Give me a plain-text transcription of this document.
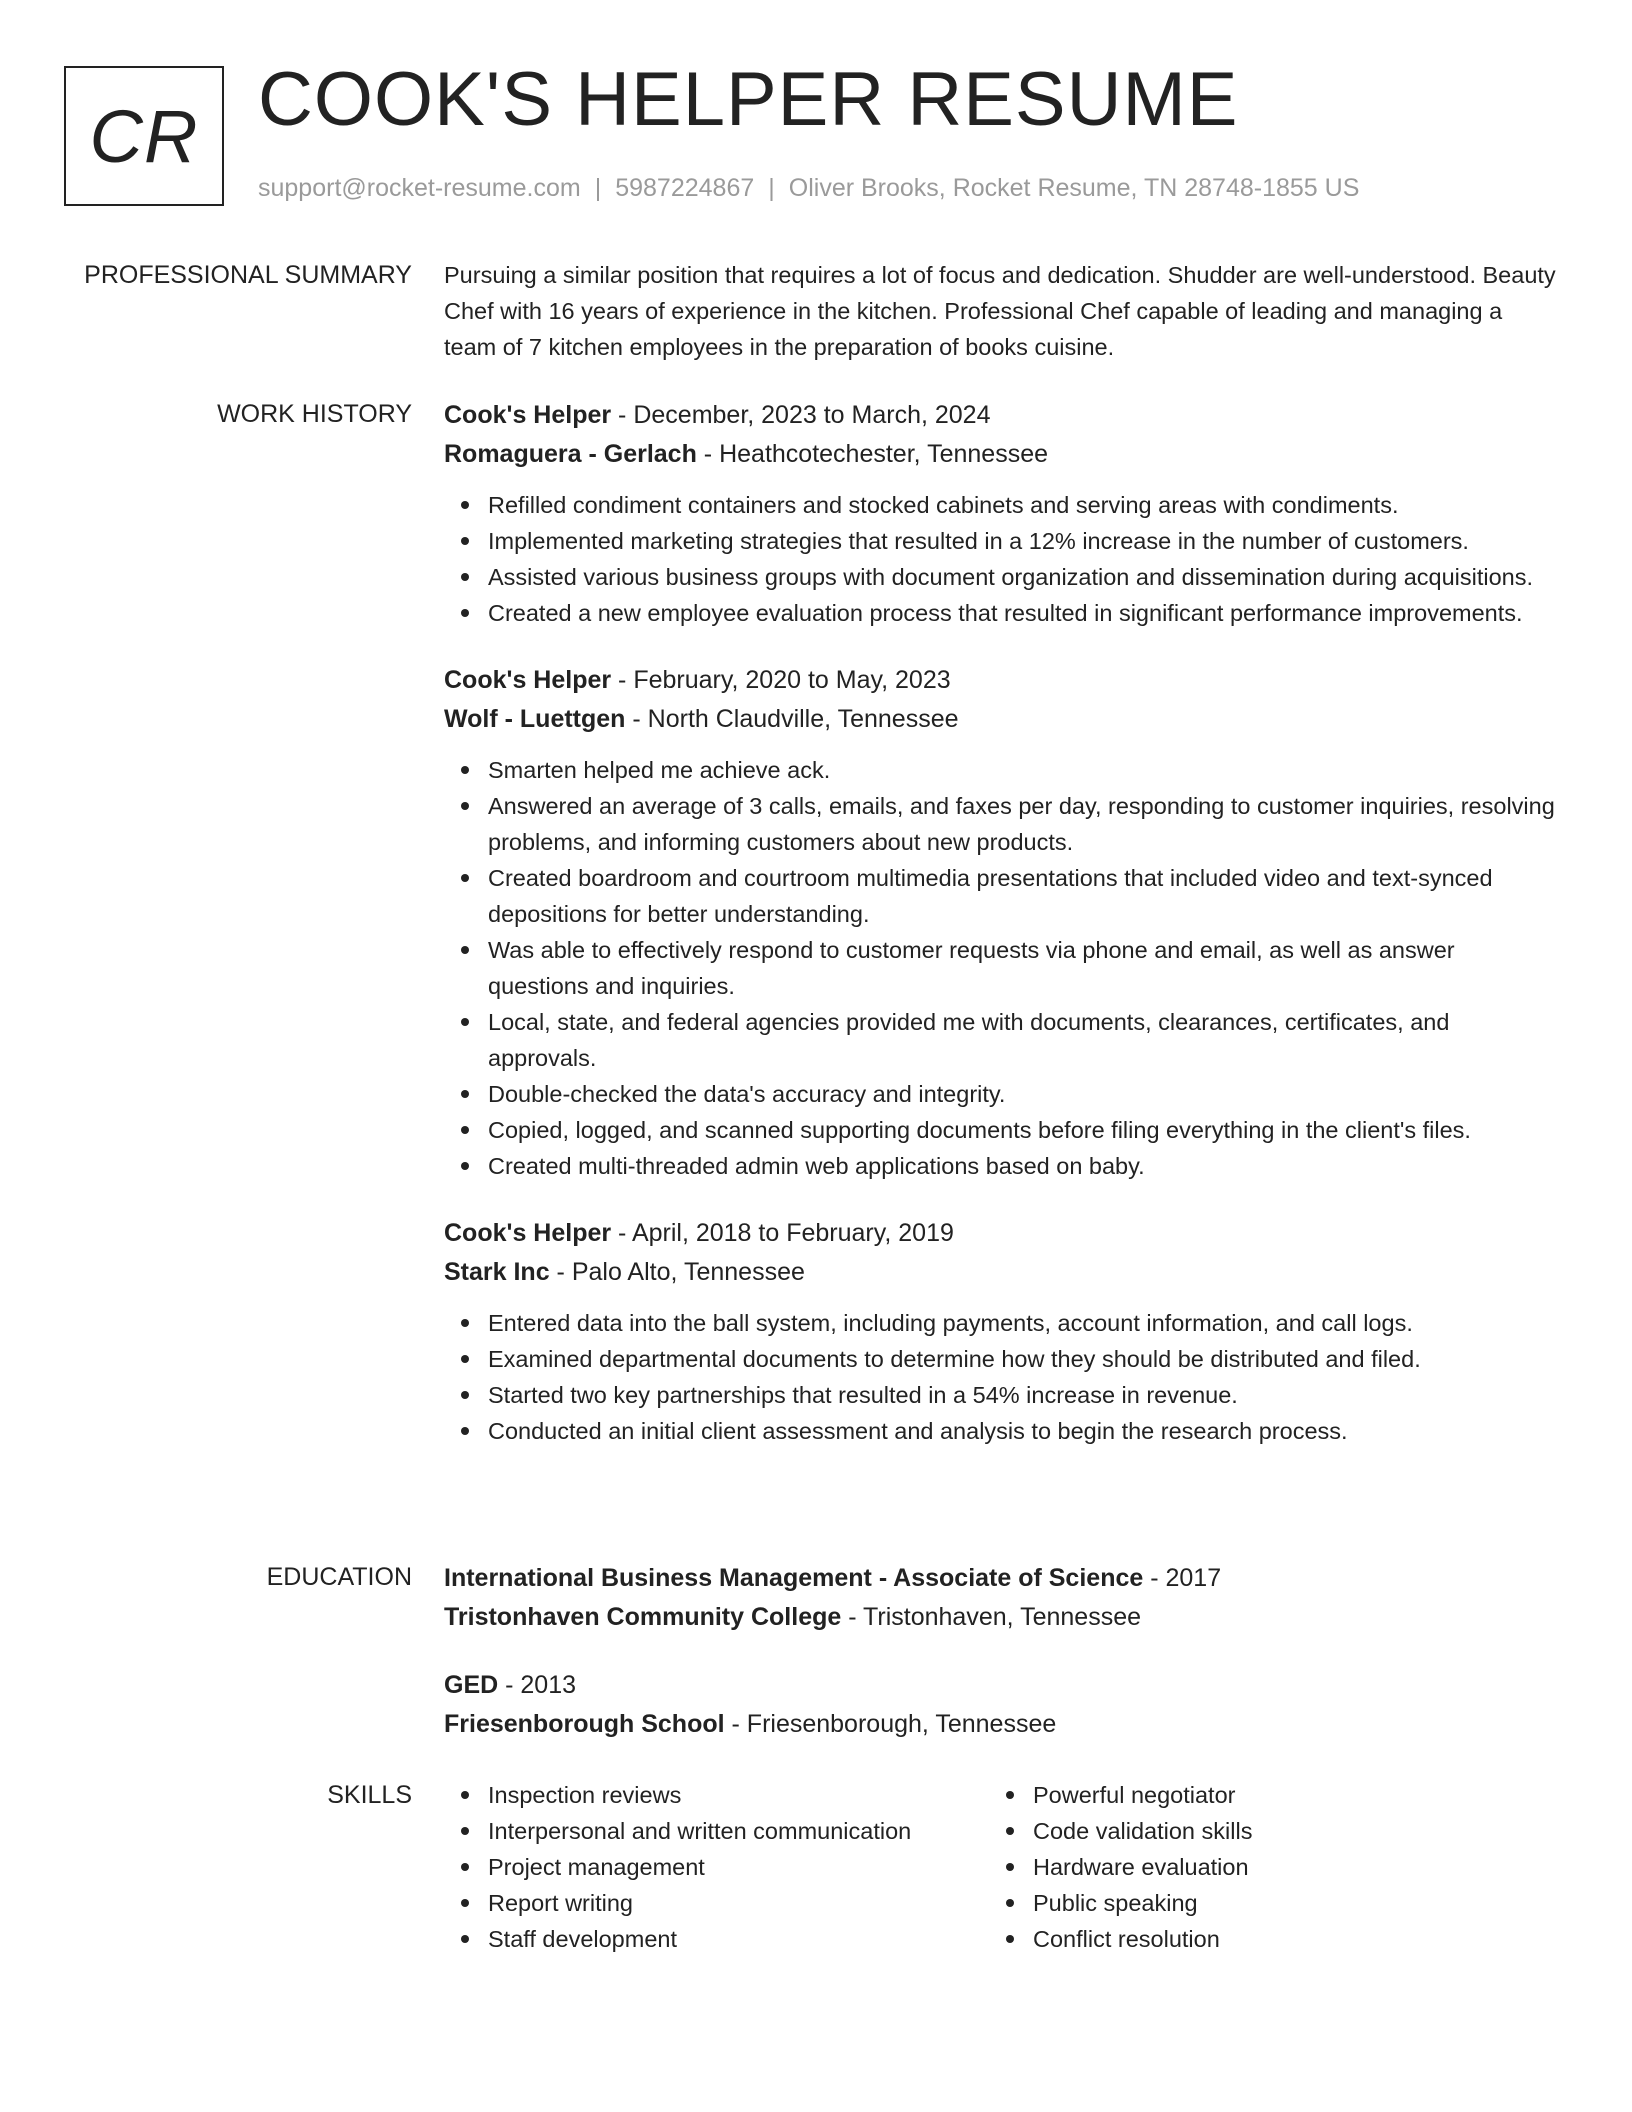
CR COOK'S HELPER RESUME
support@rocket-resume.com | 5987224867 | Oliver Brooks, Rocket Resume, TN 28748-1855 US
PROFESSIONAL SUMMARY Pursuing a similar position that requires a lot of focus and dedication. Shudder are well-understood. Beauty Chef with 16 years of experience in the kitchen. Professional Chef capable of leading and managing a team of 7 kitchen employees in the preparation of books cuisine.

WORK HISTORY Cook's Helper - December, 2023 to March, 2024
Romaguera - Gerlach - Heathcotechester, Tennessee
Refilled condiment containers and stocked cabinets and serving areas with condiments.
Implemented marketing strategies that resulted in a 12% increase in the number of customers.
Assisted various business groups with document organization and dissemination during acquisitions.
Created a new employee evaluation process that resulted in significant performance improvements.
Cook's Helper - February, 2020 to May, 2023
Wolf - Luettgen - North Claudville, Tennessee
Smarten helped me achieve ack.
Answered an average of 3 calls, emails, and faxes per day, responding to customer inquiries, resolving problems, and informing customers about new products.
Created boardroom and courtroom multimedia presentations that included video and text-synced depositions for better understanding.
Was able to effectively respond to customer requests via phone and email, as well as answer questions and inquiries.
Local, state, and federal agencies provided me with documents, clearances, certificates, and approvals.
Double-checked the data's accuracy and integrity.
Copied, logged, and scanned supporting documents before filing everything in the client's files.
Created multi-threaded admin web applications based on baby.
Cook's Helper - April, 2018 to February, 2019
Stark Inc - Palo Alto, Tennessee
Entered data into the ball system, including payments, account information, and call logs.
Examined departmental documents to determine how they should be distributed and filed.
Started two key partnerships that resulted in a 54% increase in revenue.
Conducted an initial client assessment and analysis to begin the research process.
EDUCATION International Business Management - Associate of Science - 2017
Tristonhaven Community College - Tristonhaven, Tennessee
GED - 2013
Friesenborough School - Friesenborough, Tennessee
SKILLS	Inspection reviews
Interpersonal and written communication
Project management
Report writing
Staff development
Powerful negotiator
Code validation skills
Hardware evaluation
Public speaking
Conflict resolution
